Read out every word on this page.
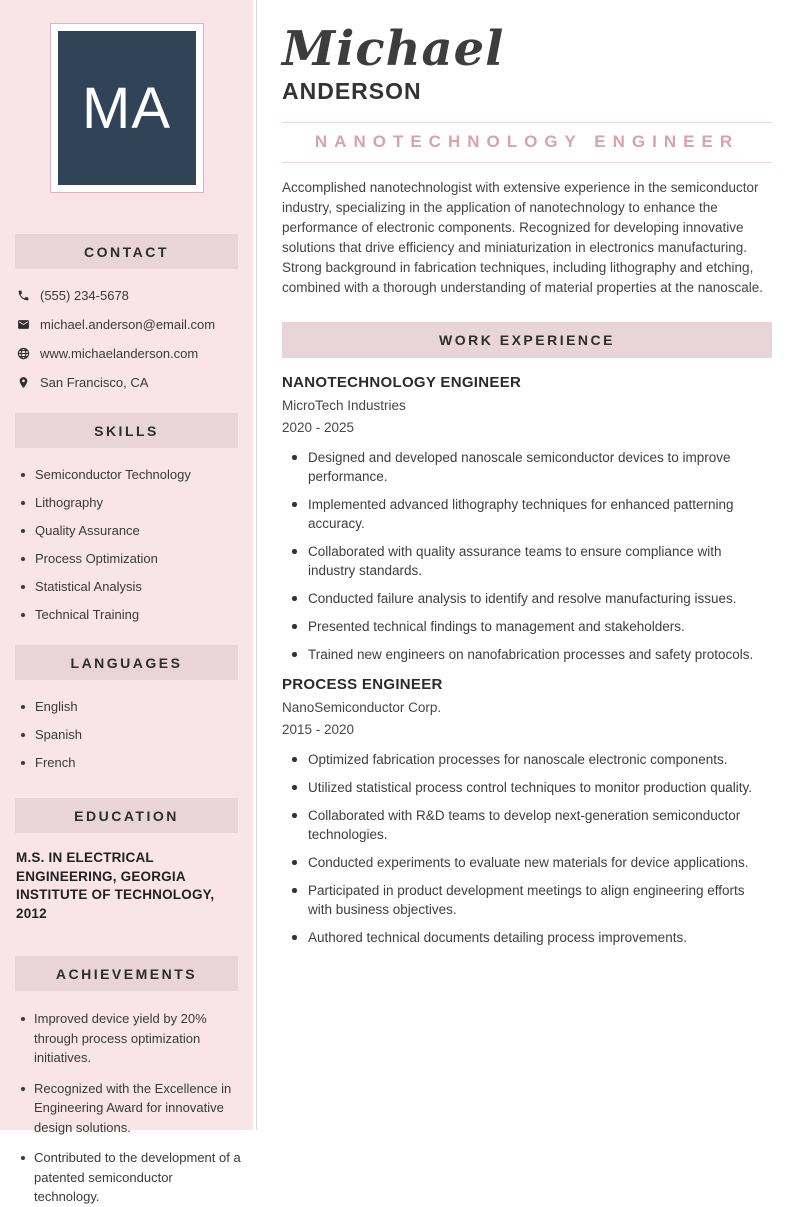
MA
CONTACT
(555) 234-5678
michael.anderson@email.com
www.michaelanderson.com
San Francisco, CA
SKILLS
Semiconductor Technology
Lithography
Quality Assurance
Process Optimization
Statistical Analysis
Technical Training
LANGUAGES
English
Spanish
French
EDUCATION
M.S. IN ELECTRICAL ENGINEERING, GEORGIA INSTITUTE OF TECHNOLOGY, 2012
ACHIEVEMENTS
Improved device yield by 20% through process optimization initiatives.
Recognized with the Excellence in Engineering Award for innovative design solutions.
Contributed to the development of a patented semiconductor technology.
Michael
ANDERSON
NANOTECHNOLOGY ENGINEER

Accomplished nanotechnologist with extensive experience in the semiconductor industry, specializing in the application of nanotechnology to enhance the performance of electronic components. Recognized for developing innovative solutions that drive efficiency and miniaturization in electronics manufacturing. Strong background in fabrication techniques, including lithography and etching, combined with a thorough understanding of material properties at the nanoscale.

WORK EXPERIENCE
NANOTECHNOLOGY ENGINEER
MicroTech Industries
2020 - 2025
Designed and developed nanoscale semiconductor devices to improve performance.
Implemented advanced lithography techniques for enhanced patterning accuracy.
Collaborated with quality assurance teams to ensure compliance with industry standards.
Conducted failure analysis to identify and resolve manufacturing issues.
Presented technical findings to management and stakeholders.
Trained new engineers on nanofabrication processes and safety protocols.
PROCESS ENGINEER
NanoSemiconductor Corp.
2015 - 2020
Optimized fabrication processes for nanoscale electronic components.
Utilized statistical process control techniques to monitor production quality.
Collaborated with R&D teams to develop next-generation semiconductor technologies.
Conducted experiments to evaluate new materials for device applications.
Participated in product development meetings to align engineering efforts with business objectives.
Authored technical documents detailing process improvements.
